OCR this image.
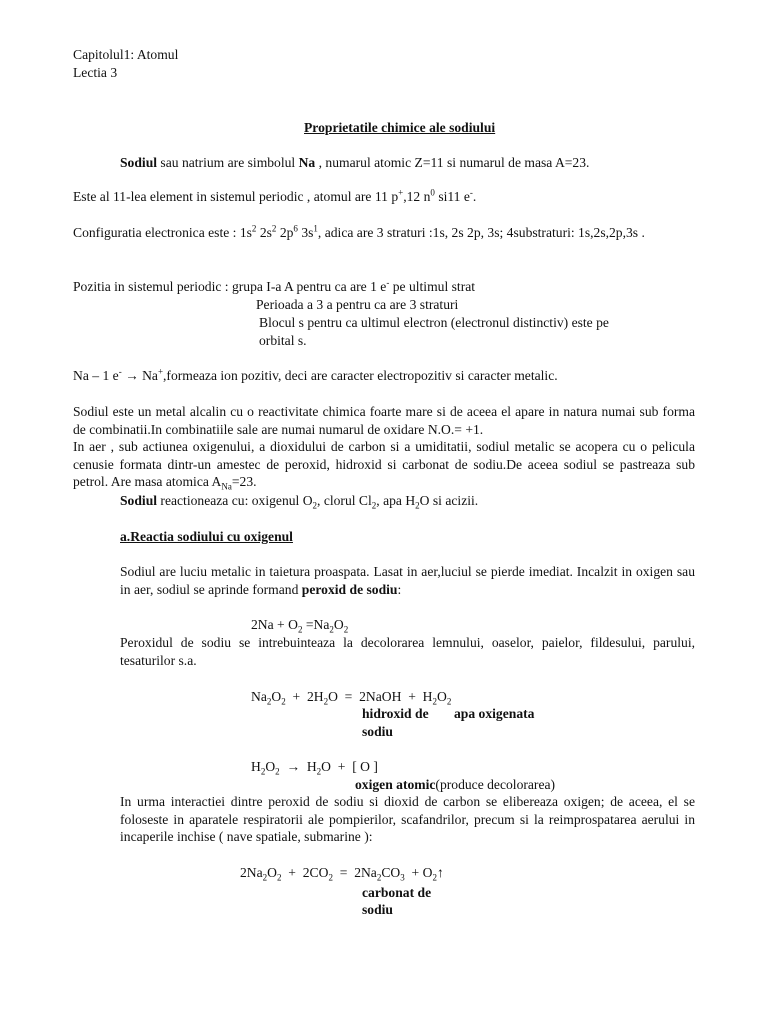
Capitolul1: Atomul
Lectia 3
Proprietatile chimice ale sodiului
Sodiul sau natrium are simbolul Na , numarul atomic Z=11 si numarul de masa A=23.
Este al 11-lea element in sistemul periodic , atomul are 11 p+,12 $n^0$ si11 e-.

Configuratia electronica este : $1s^2$ $2s^2$ $2p^6$ $3s^1$, adica are 3 straturi :1s, 2s 2p, 3s; 4substraturi: 1s,2s,2p,3s .

Pozitia in sistemul periodic : grupa I-a A pentru ca are 1 e- pe ultimul strat
Perioada a 3 a pentru ca are 3 straturi
Blocul s pentru ca ultimul electron (electronul distinctiv) este pe
orbital s.
Na – 1 e- → Na+,formeaza ion pozitiv, deci are caracter electropozitiv si caracter metalic.

Sodiul este un metal alcalin cu o reactivitate chimica foarte mare si de aceea el apare in natura numai sub forma de combinatii.In combinatiile sale are numai numarul de oxidare N.O.= +1.

In aer , sub actiunea oxigenului, a dioxidului de carbon si a umiditatii, sodiul metalic se acopera cu o pelicula cenusie formata dintr-un amestec de peroxid, hidroxid si carbonat de sodiu.De aceea sodiul se pastreaza sub petrol. Are masa atomica $A_{Na}=23$.

Sodiul reactioneaza cu: oxigenul $O_2$, clorul $Cl_2$, apa $H_2O$ si acizii.
a.Reactia sodiului cu oxigenul

Sodiul are luciu metalic in taietura proaspata. Lasat in aer,luciul se pierde imediat. Incalzit in oxigen sau in aer, sodiul se aprinde formand peroxid de sodiu:

$2Na + O_2 =Na_2O_2$
Peroxidul de sodiu se intrebuinteaza la decolorarea lemnului, oaselor, paielor, fildesului, parului, tesaturilor s.a.
$Na_2O_2 + 2H_2O$  =  2NaOH  +  $H_2O_2$
hidroxid de
sodiu
apa oxigenata
$H_2O_2 \to H_2O$  +  [ O ]
oxigen atomic(produce decolorarea)
In urma interactiei dintre peroxid de sodiu si dioxid de carbon se elibereaza oxigen; de aceea, el se foloseste in aparatele respiratorii ale pompierilor, scafandrilor, precum si la reimprospatarea aerului in incaperile inchise ( nave spatiale, submarine ):
$2Na_2O_2 + 2CO_2 = 2Na_2CO_3$  + $O_2↑$
carbonat de
sodiu
